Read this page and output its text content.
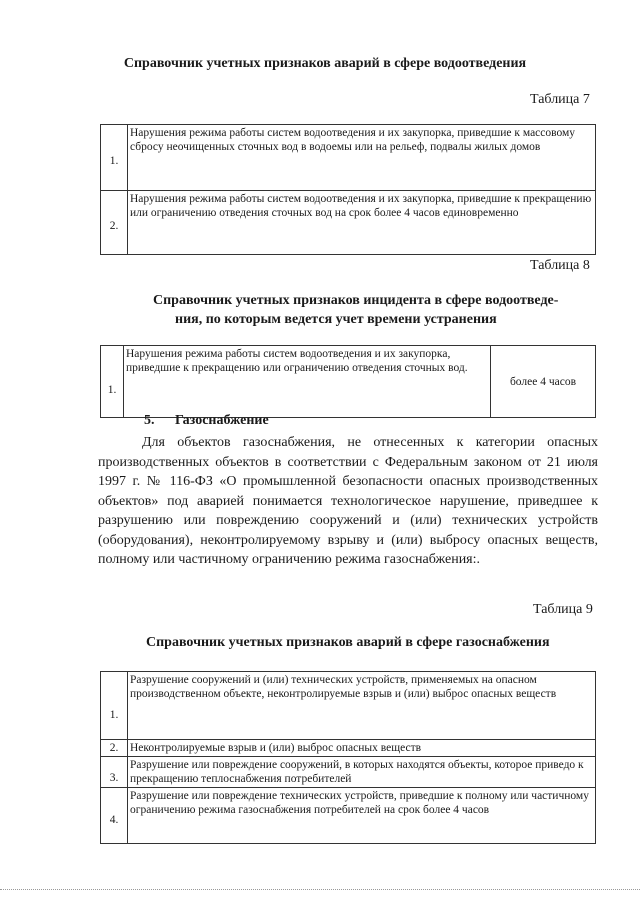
Справочник учетных признаков аварий в сфере водоотведения
Таблица 7
1.	Нарушения режима работы систем водоотведения и их закупорка, приведшие к массовому сбросу неочищенных сточных вод в водоемы или на рельеф, подвалы жилых домов
2.	Нарушения режима работы систем водоотведения и их закупорка, приведшие к прекращению или ограничению отведения сточных вод на срок более 4 часов единовременно
Таблица 8
Справочник учетных признаков инцидента в сфере водоотведе-
ния, по которым ведется учет времени устранения
1.	Нарушения режима работы систем водоотведения и их закупорка, приведшие к прекращению или ограничению отведения сточных вод.	более 4 часов
5. Газоснабжение
Для объектов газоснабжения, не отнесенных к категории опасных производственных объектов в соответствии с Федеральным законом от 21 июля 1997 г. № 116-ФЗ «О промышленной безопасности опасных производственных объектов» под аварией понимается технологическое нарушение, приведшее к разрушению или повреждению сооружений и (или) технических устройств (оборудования), неконтролируемому взрыву и (или) выбросу опасных веществ, полному или частичному ограничению режима газоснабжения:.
Таблица 9
Справочник учетных признаков аварий в сфере газоснабжения
1.	Разрушение сооружений и (или) технических устройств, применяемых на опасном производственном объекте, неконтролируемые взрыв и (или) выброс опасных веществ
2.	Неконтролируемые взрыв и (или) выброс опасных веществ
3.	Разрушение или повреждение сооружений, в которых находятся объекты, которое приведо к прекращению теплоснабжения потребителей
4.	Разрушение или повреждение технических устройств, приведшие к полному или частичному ограничению режима газоснабжения потребителей на срок более 4 часов
